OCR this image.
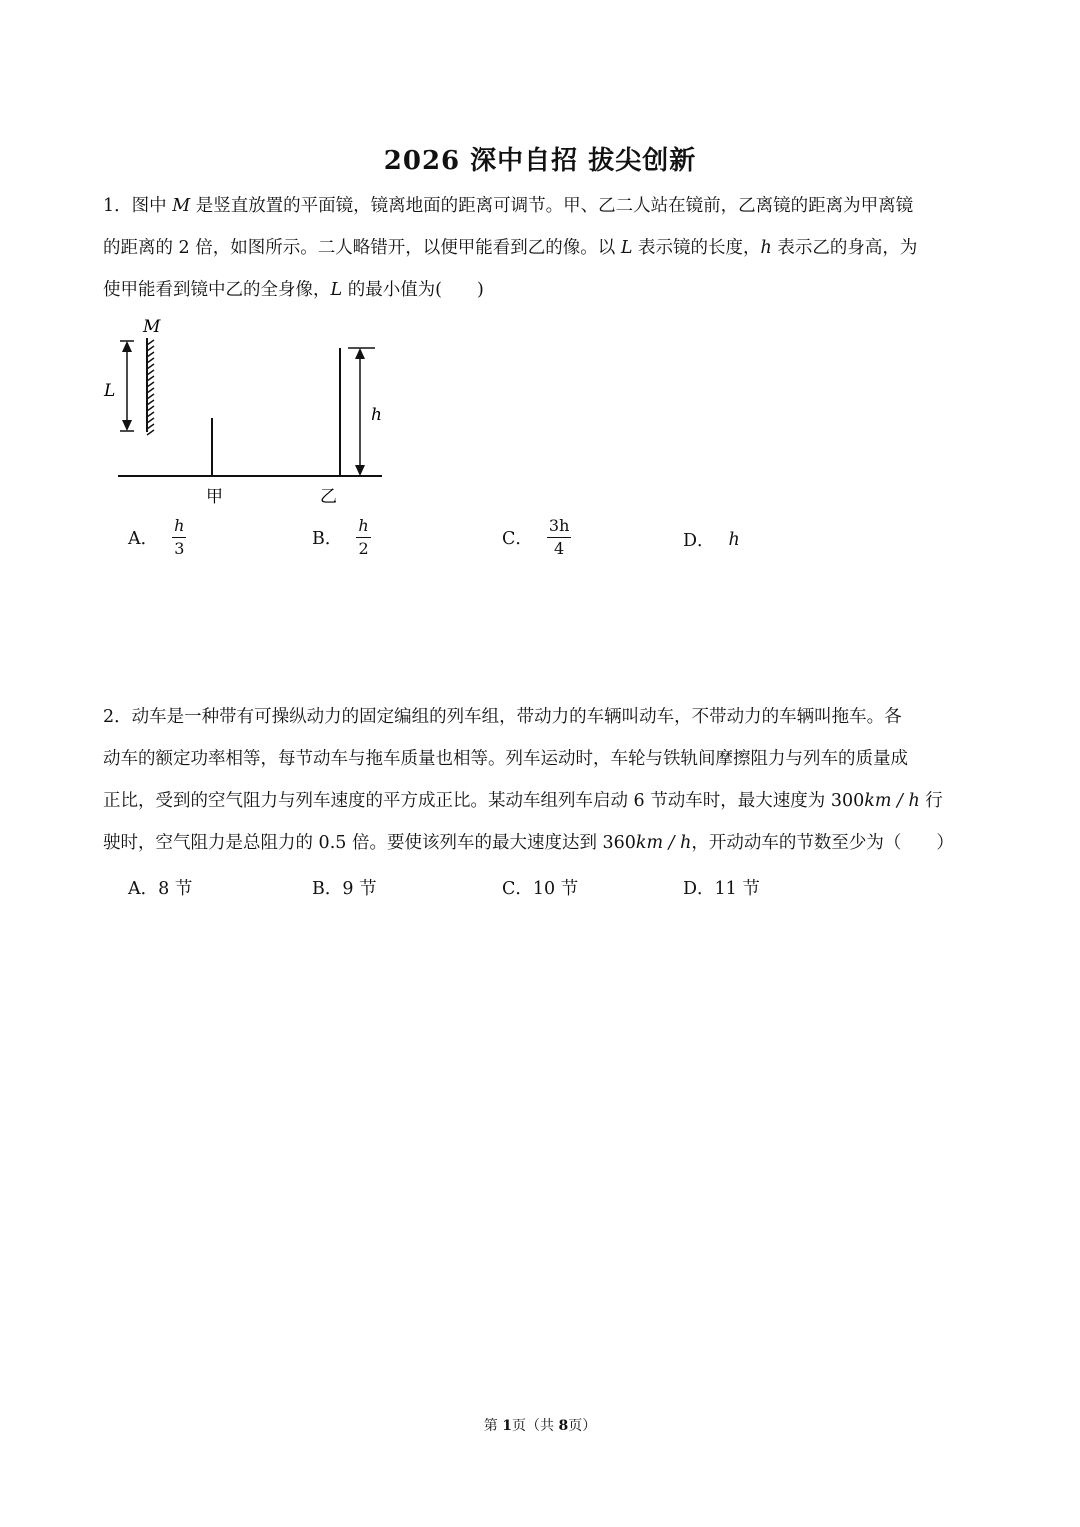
2026 深中自招 拔尖创新
1．图中 M 是竖直放置的平面镜，镜离地面的距离可调节。甲、乙二人站在镜前，乙离镜的距离为甲离镜
的距离的 2 倍，如图所示。二人略错开，以便甲能看到乙的像。以 L 表示镜的长度，h 表示乙的身高，为
使甲能看到镜中乙的全身像，L 的最小值为(　　)
M
L
甲	乙
h
A． $\frac{h}{3}$	B． $\frac{h}{2}$	C． $\frac{3h}{4}$	D． h
2．动车是一种带有可操纵动力的固定编组的列车组，带动力的车辆叫动车，不带动力的车辆叫拖车。各
动车的额定功率相等，每节动车与拖车质量也相等。列车运动时，车轮与铁轨间摩擦阻力与列车的质量成
正比，受到的空气阻力与列车速度的平方成正比。某动车组列车启动 6 节动车时，最大速度为 300km / h 行
驶时，空气阻力是总阻力的 0.5 倍。要使该列车的最大速度达到 360km / h，开动动车的节数至少为（　　）
A． 8 节	B． 9 节	C． 10 节	D． 11 节
第 1页（共 8页）
